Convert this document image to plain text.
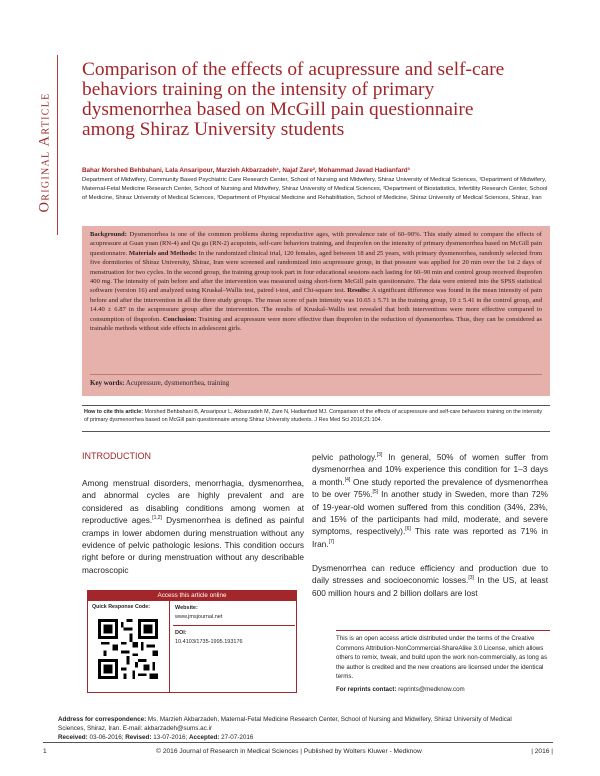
Original Article
Comparison of the effects of acupressure and self-care behaviors training on the intensity of primary dysmenorrhea based on McGill pain questionnaire among Shiraz University students
Bahar Morshed Behbahani, Lala Ansaripour, Marzieh Akbarzadeh¹, Najaf Zare², Mohammad Javad Hadianfard³
Department of Midwifery, Community Based Psychiatric Care Research Center, School of Nursing and Midwifery, Shiraz University of Medical Sciences, ¹Department of Midwifery, Maternal-Fetal Medicine Research Center, School of Nursing and Midwifery, Shiraz University of Medical Sciences, ²Department of Biostatistics, Infertility Research Center, School of Medicine, Shiraz University of Medical Sciences, ³Department of Physical Medicine and Rehabilitation, School of Medicine, Shiraz University of Medical Sciences, Shiraz, Iran

Background: Dysmenorrhea is one of the common problems during reproductive ages, with prevalence rate of 60–90%. This study aimed to compare the effects of acupressure at Guan yuan (RN-4) and Qu gu (RN-2) acupoints, self-care behaviors training, and ibuprofen on the intensity of primary dysmenorrhea based on McGill pain questionnaire. Materials and Methods: In the randomized clinical trial, 120 females, aged between 18 and 25 years, with primary dysmenorrhea, randomly selected from five dormitories of Shiraz University, Shiraz, Iran were screened and randomized into acupressure group, in that pressure was applied for 20 min over the 1st 2 days of menstruation for two cycles. In the second group, the training group took part in four educational sessions each lasting for 60–90 min and control group received ibuprofen 400 mg. The intensity of pain before and after the intervention was measured using short-form McGill pain questionnaire. The data were entered into the SPSS statistical software (version 16) and analyzed using Kruskal–Wallis test, paired t-test, and Chi-square test. Results: A significant difference was found in the mean intensity of pain before and after the intervention in all the three study groups. The mean score of pain intensity was 10.65 ± 5.71 in the training group, 19 ± 5.41 in the control group, and 14.40 ± 6.87 in the acupressure group after the intervention. The results of Kruskal–Wallis test revealed that both interventions were more effective compared to consumption of ibuprofen. Conclusion: Training and acupressure were more effective than ibuprofen in the reduction of dysmenorrhea. Thus, they can be considered as trainable methods without side effects in adolescent girls.

Key words: Acupressure, dysmenorrhea, training
How to cite this article: Morshed Behbahani B, Ansaripour L, Akbarzadeh M, Zare N, Hadianfard MJ. Comparison of the effects of acupressure and self-care behaviors training on the intensity of primary dysmenorrhea based on McGill pain questionnaire among Shiraz University students. J Res Med Sci 2016;21:104.
INTRODUCTION

Among menstrual disorders, menorrhagia, dysmenorrhea, and abnormal cycles are highly prevalent and are considered as disabling conditions among women at reproductive ages.[1,2] Dysmenorrhea is defined as painful cramps in lower abdomen during menstruation without any evidence of pelvic pathologic lesions. This condition occurs right before or during menstruation without any describable macroscopic

pelvic pathology.[3] In general, 50% of women suffer from dysmenorrhea and 10% experience this condition for 1–3 days a month.[4] One study reported the prevalence of dysmenorrhea to be over 75%.[5] In another study in Sweden, more than 72% of 19-year-old women suffered from this condition (34%, 23%, and 15% of the participants had mild, moderate, and severe symptoms, respectively).[6] This rate was reported as 71% in Iran.[7]

Dysmenorrhea can reduce efficiency and production due to daily stresses and socioeconomic losses.[3] In the US, at least 600 million hours and 2 billion dollars are lost

Access this article online
Quick Response Code:	Website:
www.jmsjournal.net
DOI:
10.4103/1735-1995.193176	This is an open access article distributed under the terms of the Creative Commons Attribution-NonCommercial-ShareAlike 3.0 License, which allows others to remix, tweak, and build upon the work non-commercially, as long as the author is credited and the new creations are licensed under the identical terms.

For reprints contact: reprints@medknow.com

Address for correspondence: Ms. Marzieh Akbarzadeh, Maternal-Fetal Medicine Research Center, School of Nursing and Midwifery, Shiraz University of Medical Sciences, Shiraz, Iran. E-mail: akbarzadeh@sums.ac.ir
Received: 03-06-2016; Revised: 13-07-2016; Accepted: 27-07-2016
1	© 2016 Journal of Research in Medical Sciences | Published by Wolters Kluwer - Medknow	| 2016 |
